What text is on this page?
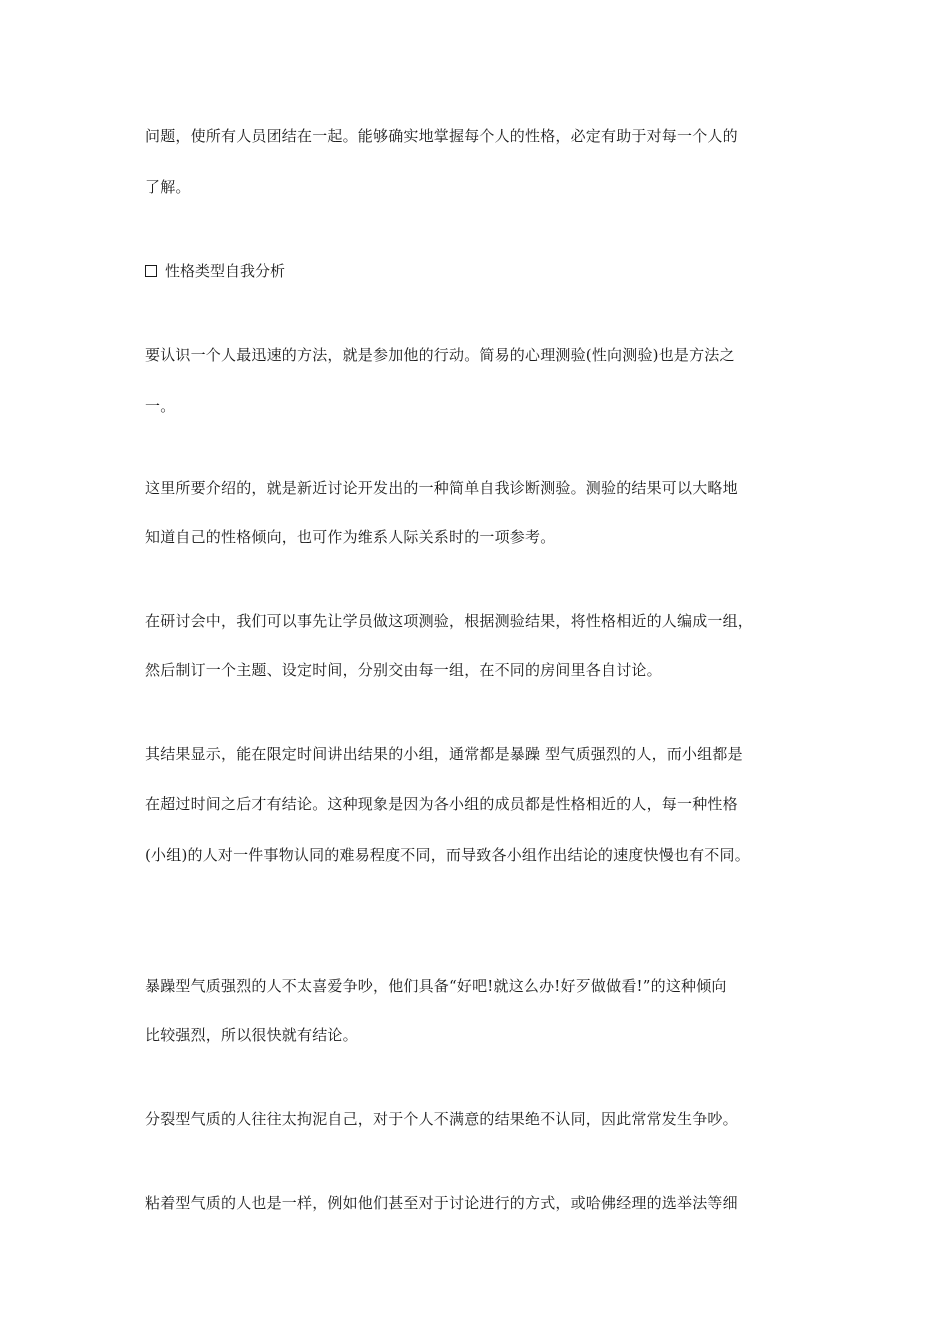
问题，使所有人员团结在一起。能够确实地掌握每个人的性格，必定有助于对每一个人的
了解。
性格类型自我分析
要认识一个人最迅速的方法，就是参加他的行动。简易的心理测验(性向测验)也是方法之
一。
这里所要介绍的，就是新近讨论开发出的一种简单自我诊断测验。测验的结果可以大略地
知道自己的性格倾向，也可作为维系人际关系时的一项参考。
在研讨会中，我们可以事先让学员做这项测验，根据测验结果，将性格相近的人编成一组，
然后制订一个主题、设定时间，分别交由每一组，在不同的房间里各自讨论。
其结果显示，能在限定时间讲出结果的小组，通常都是暴躁 型气质强烈的人，而小组都是
在超过时间之后才有结论。这种现象是因为各小组的成员都是性格相近的人，每一种性格
(小组)的人对一件事物认同的难易程度不同，而导致各小组作出结论的速度快慢也有不同。
暴躁型气质强烈的人不太喜爱争吵，他们具备“好吧!就这么办!好歹做做看!”的这种倾向
比较强烈，所以很快就有结论。
分裂型气质的人往往太拘泥自己，对于个人不满意的结果绝不认同，因此常常发生争吵。
粘着型气质的人也是一样，例如他们甚至对于讨论进行的方式，或哈佛经理的选举法等细
